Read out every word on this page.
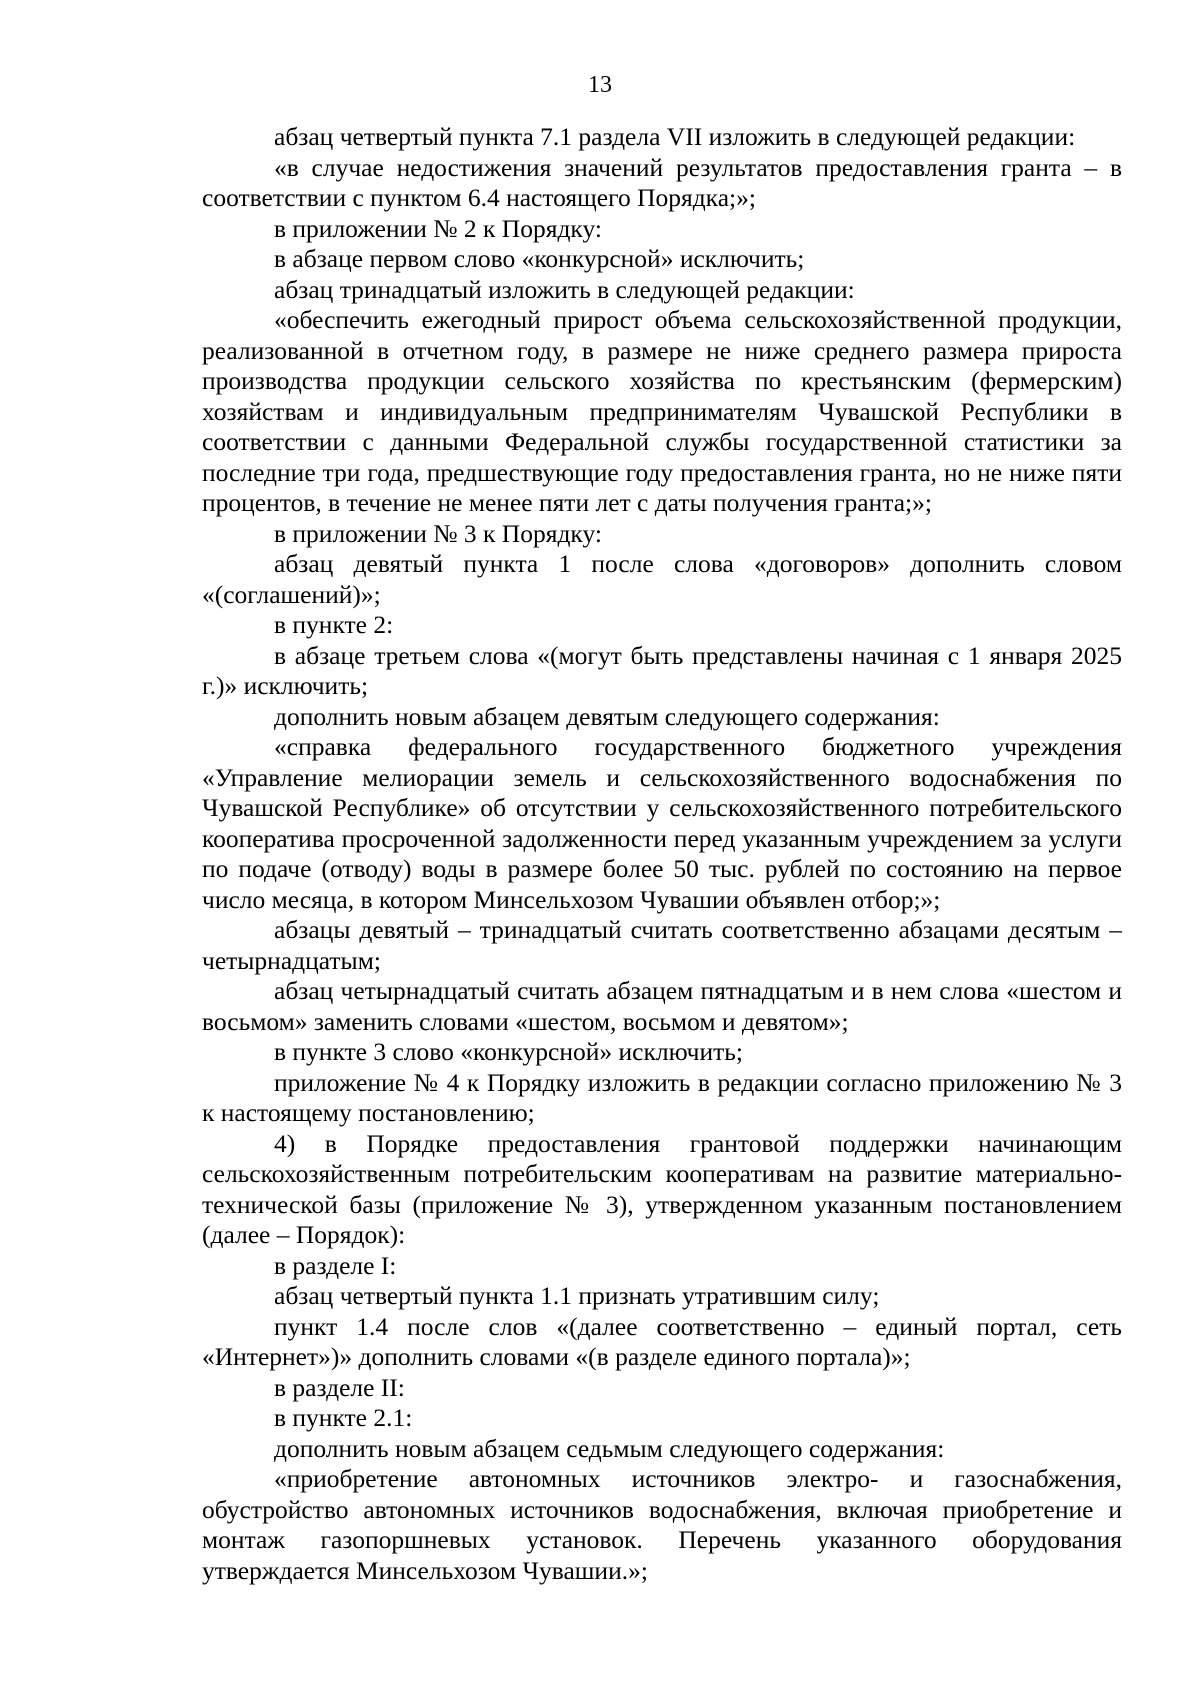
13

абзац четвертый пункта 7.1 раздела VII изложить в следующей редакции:

«в случае недостижения значений результатов предоставления гранта – в соответствии с пунктом 6.4 настоящего Порядка;»;

в приложении № 2 к Порядку:

в абзаце первом слово «конкурсной» исключить;

абзац тринадцатый изложить в следующей редакции:

«обеспечить ежегодный прирост объема сельскохозяйственной продукции, реализованной в отчетном году, в размере не ниже среднего размера прироста производства продукции сельского хозяйства по крестьянским (фермерским) хозяйствам и индивидуальным предпринимателям Чувашской Республики в соответствии с данными Федеральной службы государственной статистики за последние три года, предшествующие году предоставления гранта, но не ниже пяти процентов, в течение не менее пяти лет с даты получения гранта;»;

в приложении № 3 к Порядку:

абзац девятый пункта 1 после слова «договоров» дополнить словом «(соглашений)»;

в пункте 2:

в абзаце третьем слова «(могут быть представлены начиная с 1 января 2025 г.)» исключить;

дополнить новым абзацем девятым следующего содержания:

«справка федерального государственного бюджетного учреждения «Управление мелиорации земель и сельскохозяйственного водоснабжения по Чувашской Республике» об отсутствии у сельскохозяйственного потребительского кооператива просроченной задолженности перед указанным учреждением за услуги по подаче (отводу) воды в размере более 50 тыс. рублей по состоянию на первое число месяца, в котором Минсельхозом Чувашии объявлен отбор;»;

абзацы девятый – тринадцатый считать соответственно абзацами десятым – четырнадцатым;

абзац четырнадцатый считать абзацем пятнадцатым и в нем слова «шестом и восьмом» заменить словами «шестом, восьмом и девятом»;

в пункте 3 слово «конкурсной» исключить;

приложение № 4 к Порядку изложить в редакции согласно приложению № 3 к настоящему постановлению;

4) в Порядке предоставления грантовой поддержки начинающим сельскохозяйственным потребительским кооперативам на развитие материально-технической базы (приложение № 3), утвержденном указанным постановлением (далее – Порядок):

в разделе I:

абзац четвертый пункта 1.1 признать утратившим силу;

пункт 1.4 после слов «(далее соответственно – единый портал, сеть «Интернет»)» дополнить словами «(в разделе единого портала)»;

в разделе II:

в пункте 2.1:

дополнить новым абзацем седьмым следующего содержания:

«приобретение автономных источников электро- и газоснабжения, обустройство автономных источников водоснабжения, включая приобретение и монтаж газопоршневых установок. Перечень указанного оборудования утверждается Минсельхозом Чувашии.»;
